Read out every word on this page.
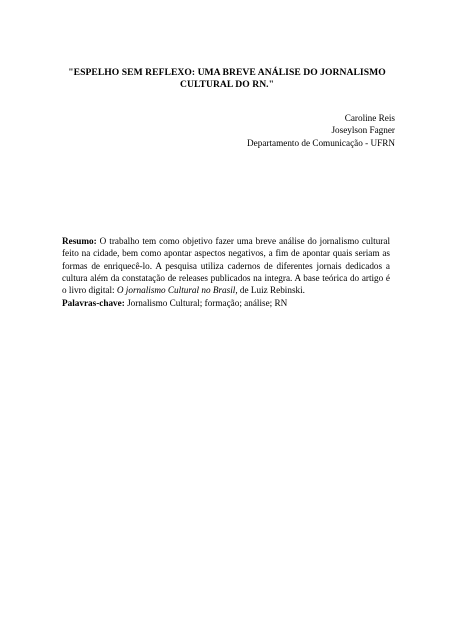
"ESPELHO SEM REFLEXO: UMA BREVE ANÁLISE DO JORNALISMO
CULTURAL DO RN."
Caroline Reis
Joseylson Fagner
Departamento de Comunicação - UFRN
Resumo: O trabalho tem como objetivo fazer uma breve análise do jornalismo cultural
feito na cidade, bem como apontar aspectos negativos, a fim de apontar quais seriam as
formas de enriquecê-lo. A pesquisa utiliza cadernos de diferentes jornais dedicados a
cultura além da constatação de releases publicados na integra. A base teórica do artigo é
o livro digital: O jornalismo Cultural no Brasil, de Luiz Rebinski.
Palavras-chave: Jornalismo Cultural; formação; análise; RN
